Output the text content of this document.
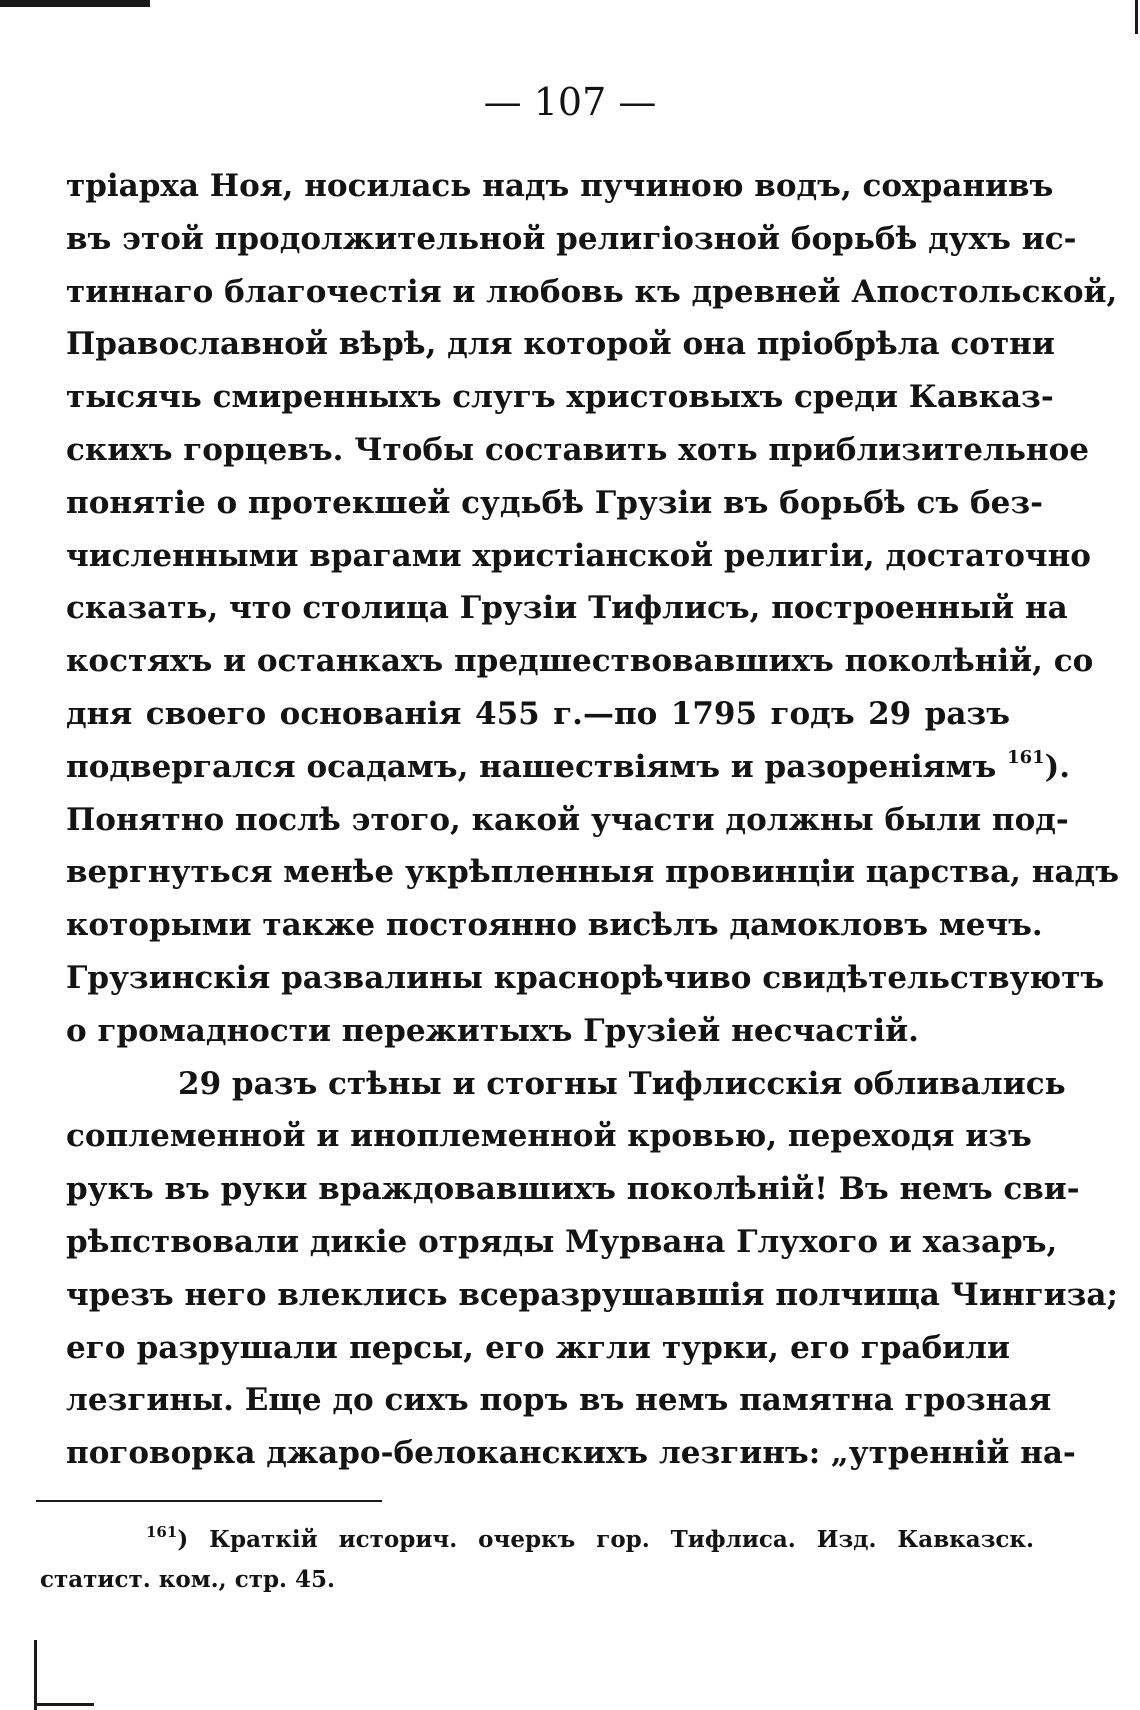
— 107 —
тріарха Ноя, носилась надъ пучиною водъ, сохранивъ
въ этой продолжительной религіозной борьбѣ духъ ис-
тиннаго благочестія и любовь къ древней Апостольской,
Православной вѣрѣ, для которой она пріобрѣла сотни
тысячь смиренныхъ слугъ христовыхъ среди Кавказ-
скихъ горцевъ. Чтобы составить хоть приблизительное
понятіе о протекшей судьбѣ Грузіи въ борьбѣ съ без-
численными врагами христіанской религіи, достаточно
сказать, что столица Грузіи Тифлисъ, построенный на
костяхъ и останкахъ предшествовавшихъ поколѣній, со
дня своего основанія 455 г.—по 1795 годъ 29 разъ
подвергался осадамъ, нашествіямъ и разореніямъ $^{161}$).
Понятно послѣ этого, какой участи должны были под-
вергнуться менѣе укрѣпленныя провинціи царства, надъ
которыми также постоянно висѣлъ дамокловъ мечъ.
Грузинскія развалины краснорѣчиво свидѣтельствуютъ
о громадности пережитыхъ Грузіей несчастій.
29 разъ стѣны и стогны Тифлисскія обливались
соплеменной и иноплеменной кровью, переходя изъ
рукъ въ руки враждовавшихъ поколѣній! Въ немъ сви-
рѣпствовали дикіе отряды Мурвана Глухого и хазаръ,
чрезъ него влеклись всеразрушавшія полчища Чингиза;
его разрушали персы, его жгли турки, его грабили
лезгины. Еще до сихъ поръ въ немъ памятна грозная
поговорка джаро-белоканскихъ лезгинъ: „утренній на-
$^{161}$) Краткій историч. очеркъ гор. Тифлиса. Изд. Кавказск.
статист. ком., стр. 45.
